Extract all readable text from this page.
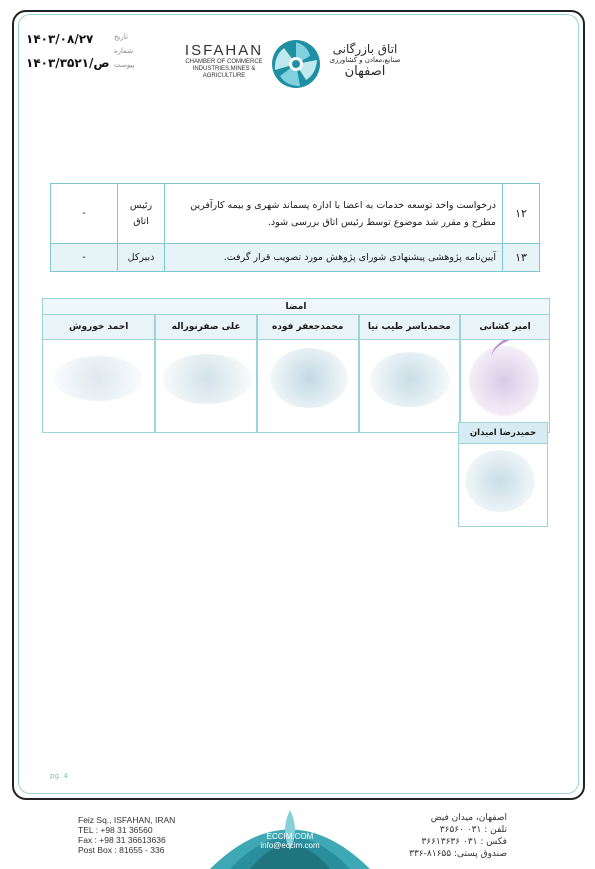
۱۴۰۳/۰۸/۲۷	تاریخ
۱۴۰۳/ص/۳۵۲۱
شماره
پیوست
ISFAHAN
CHAMBER OF COMMERCE
INDUSTRIES,MINES & AGRICULTURE
اتاق بازرگانی
صنایع،معادن و کشاورزی
اصفهان
۱۲	درخواست واحد توسعه خدمات به اعضا با اداره پسماند شهری و بیمه کارآفرین مطرح و مقرر شد موضوع توسط رئیس اتاق بررسی شود.	رئیس اتاق	-
۱۳	آیین‌نامه پژوهشی پیشنهادی شورای پژوهش مورد تصویب قرار گرفت.	دبیرکل	-
امضا
امیر کشانی
محمدیاسر طیب نیا
محمدجعفر فوده
علی صفرنوراله
احمد خوروش
حمیدرضا امیدان
pg. 4
Feiz Sq., ISFAHAN, IRAN
TEL : +98 31 36560
Fax : +98 31 36613636
Post Box : 81655 - 336
ECCIM.COM
info@eccim.com
اصفهان، میدان فیض
تلفن : ۰۳۱ ۳۶۵۶۰
فکس : ۰۳۱ ۳۶۶۱۳۶۳۶
صندوق پستی: ۸۱۶۵۵-۳۳۶
